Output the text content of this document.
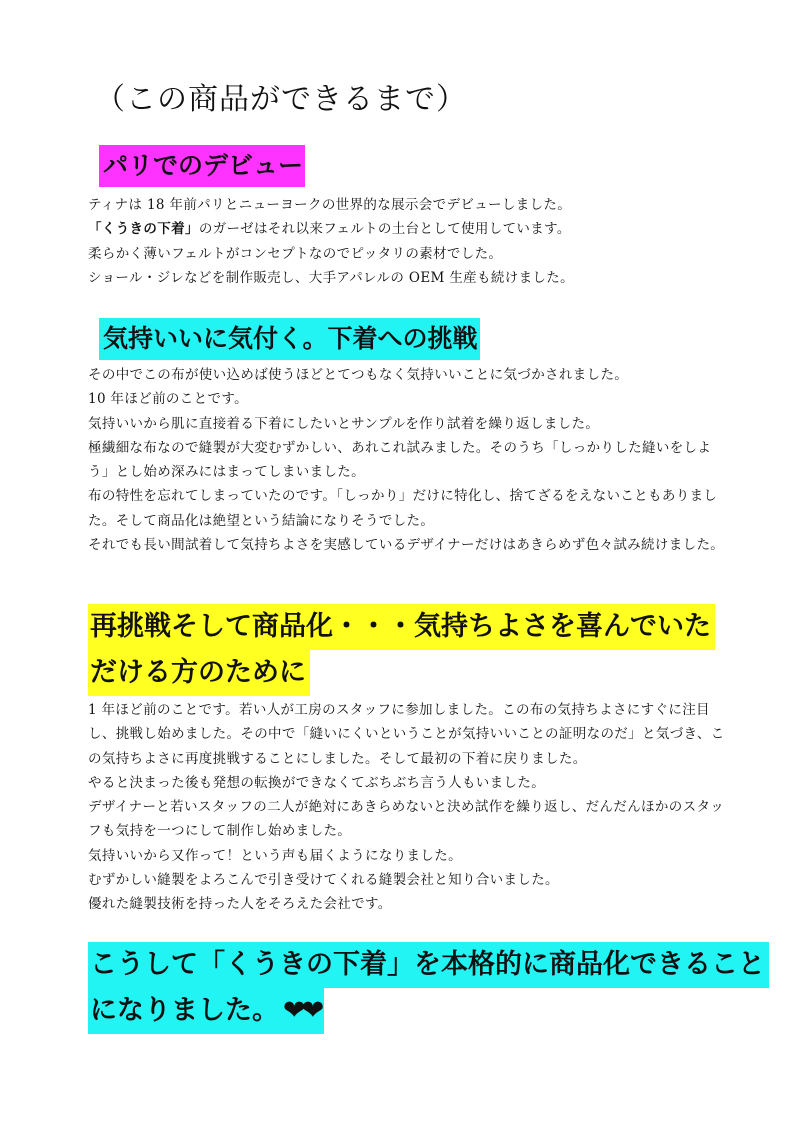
（この商品ができるまで）
パリでのデビュー
ティナは 18 年前パリとニューヨークの世界的な展示会でデビューしました。
「くうきの下着」のガーゼはそれ以来フェルトの土台として使用しています。
柔らかく薄いフェルトがコンセプトなのでピッタリの素材でした。
ショール・ジレなどを制作販売し、大手アパレルの OEM 生産も続けました。
気持いいに気付く。下着への挑戦
その中でこの布が使い込めば使うほどとてつもなく気持いいことに気づかされました。
10 年ほど前のことです。
気持いいから肌に直接着る下着にしたいとサンプルを作り試着を繰り返しました。
極繊細な布なので縫製が大変むずかしい、あれこれ試みました。そのうち「しっかりした縫いをしよう」とし始め深みにはまってしまいました。
布の特性を忘れてしまっていたのです。「しっかり」だけに特化し、捨てざるをえないこともありました。そして商品化は絶望という結論になりそうでした。
それでも長い間試着して気持ちよさを実感しているデザイナーだけはあきらめず色々試み続けました。
再挑戦そして商品化・・・気持ちよさを喜んでいた
だける方のために
1 年ほど前のことです。若い人が工房のスタッフに参加しました。この布の気持ちよさにすぐに注目し、挑戦し始めました。その中で「縫いにくいということが気持いいことの証明なのだ」と気づき、この気持ちよさに再度挑戦することにしました。そして最初の下着に戻りました。
やると決まった後も発想の転換ができなくてぶちぶち言う人もいました。
デザイナーと若いスタッフの二人が絶対にあきらめないと決め試作を繰り返し、だんだんほかのスタッフも気持を一つにして制作し始めました。
気持いいから又作って！という声も届くようになりました。
むずかしい縫製をよろこんで引き受けてくれる縫製会社と知り合いました。
優れた縫製技術を持った人をそろえた会社です。
こうして「くうきの下着」を本格的に商品化できること
になりました。 ❤❤
